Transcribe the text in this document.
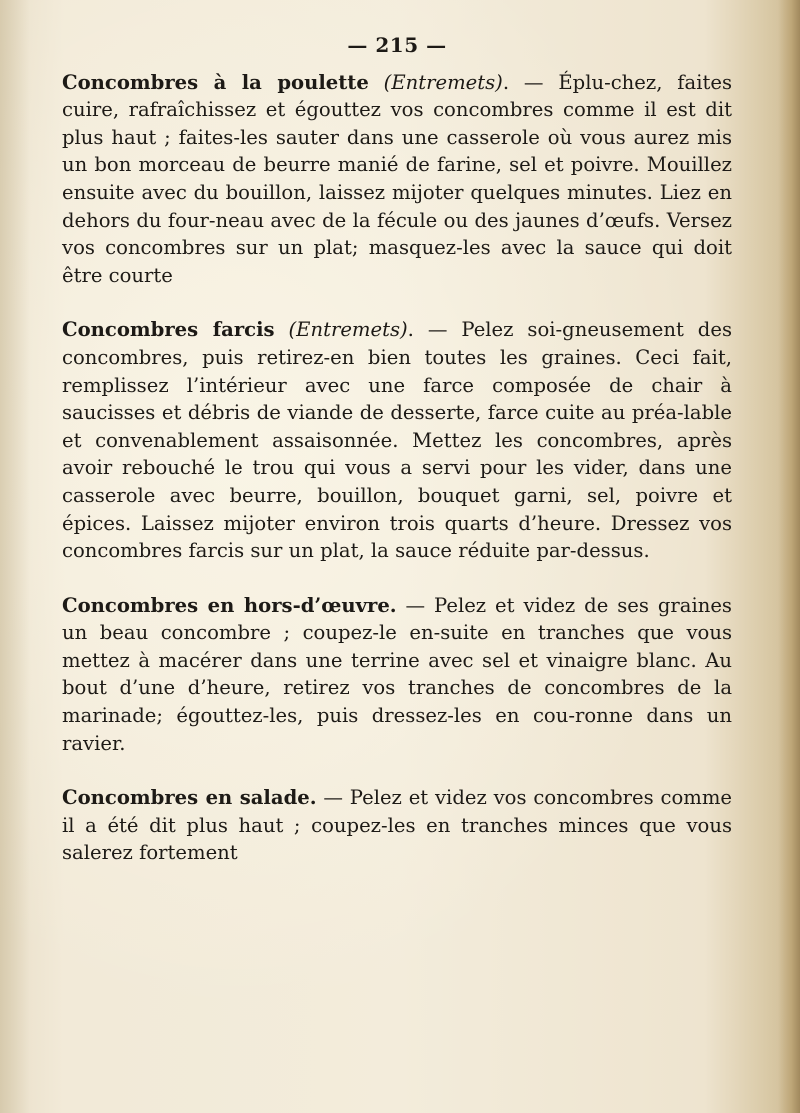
— 215 —

Concombres à la poulette (Entremets). — Éplu-chez, faites cuire, rafraîchissez et égouttez vos concombres comme il est dit plus haut ; faites-les sauter dans une casserole où vous aurez mis un bon morceau de beurre manié de farine, sel et poivre. Mouillez ensuite avec du bouillon, laissez mijoter quelques minutes. Liez en dehors du four-neau avec de la fécule ou des jaunes d’œufs. Versez vos concombres sur un plat; masquez-les avec la sauce qui doit être courte

Concombres farcis (Entremets). — Pelez soi-gneusement des concombres, puis retirez-en bien toutes les graines. Ceci fait, remplissez l’intérieur avec une farce composée de chair à saucisses et débris de viande de desserte, farce cuite au préa-lable et convenablement assaisonnée. Mettez les concombres, après avoir rebouché le trou qui vous a servi pour les vider, dans une casserole avec beurre, bouillon, bouquet garni, sel, poivre et épices. Laissez mijoter environ trois quarts d’heure. Dressez vos concombres farcis sur un plat, la sauce réduite par-dessus.

Concombres en hors-d’œuvre. — Pelez et videz de ses graines un beau concombre ; coupez-le en-suite en tranches que vous mettez à macérer dans une terrine avec sel et vinaigre blanc. Au bout d’une d’heure, retirez vos tranches de concombres de la marinade; égouttez-les, puis dressez-les en cou-ronne dans un ravier.

Concombres en salade. — Pelez et videz vos concombres comme il a été dit plus haut ; coupez-les en tranches minces que vous salerez fortement
